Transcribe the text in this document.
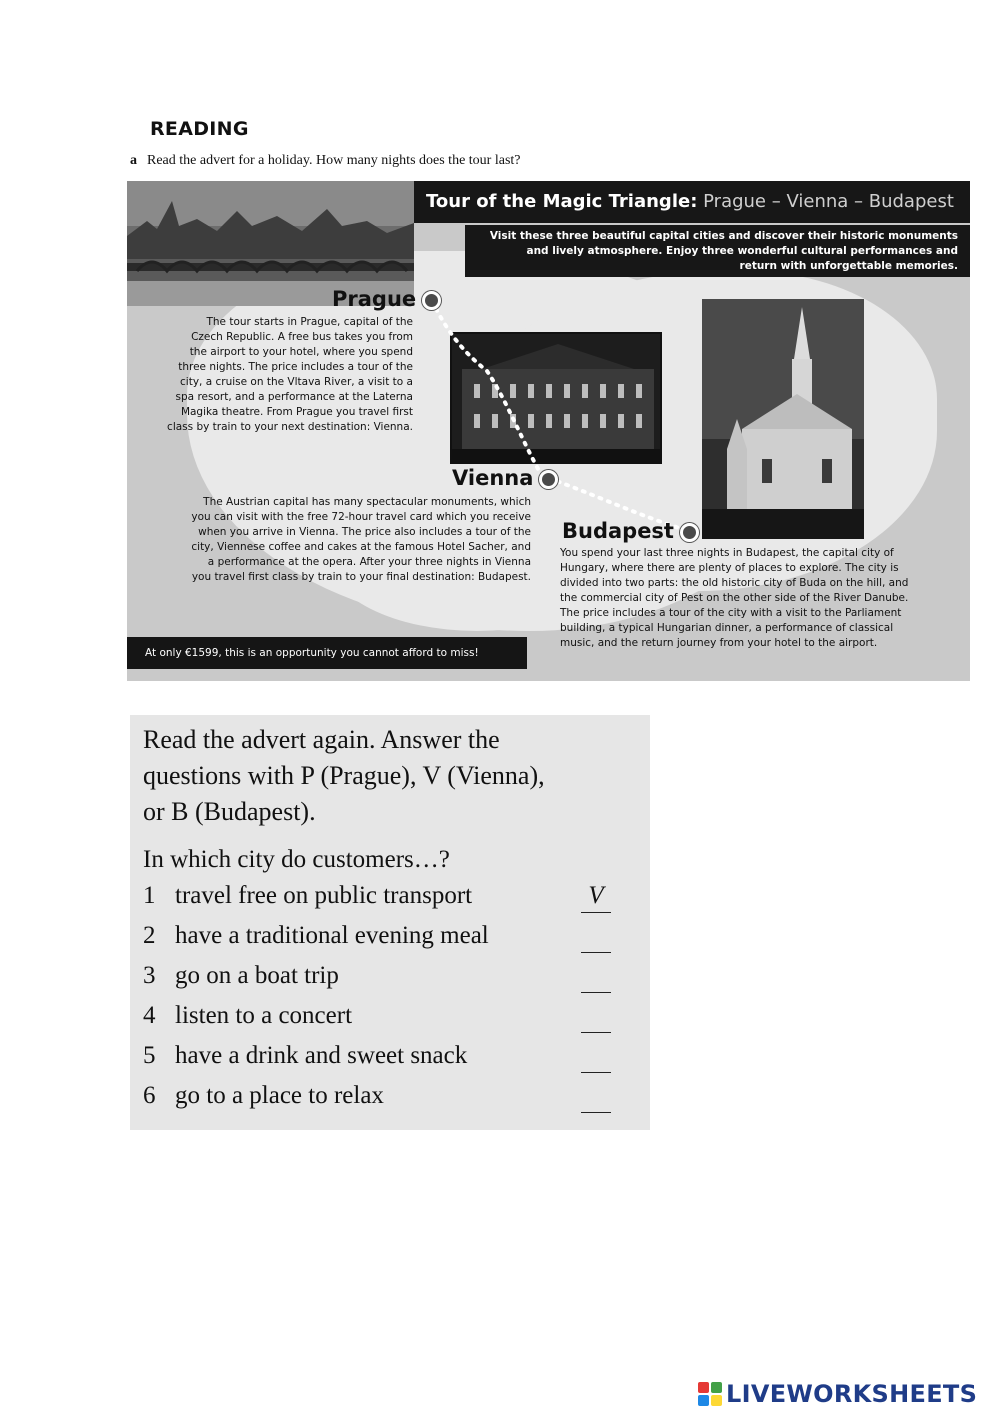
READING
a Read the advert for a holiday. How many nights does the tour last?
Tour of the Magic Triangle: Prague – Vienna – Budapest
Visit these three beautiful capital cities and discover their historic monuments
and lively atmosphere. Enjoy three wonderful cultural performances and
return with unforgettable memories.
Prague
The tour starts in Prague, capital of the
Czech Republic. A free bus takes you from
the airport to your hotel, where you spend
three nights. The price includes a tour of the
city, a cruise on the Vltava River, a visit to a
spa resort, and a performance at the Laterna
Magika theatre. From Prague you travel first
class by train to your next destination: Vienna.
Vienna
The Austrian capital has many spectacular monuments, which
you can visit with the free 72-hour travel card which you receive
when you arrive in Vienna. The price also includes a tour of the
city, Viennese coffee and cakes at the famous Hotel Sacher, and
a performance at the opera. After your three nights in Vienna
you travel first class by train to your final destination: Budapest.
Budapest
You spend your last three nights in Budapest, the capital city of
Hungary, where there are plenty of places to explore. The city is
divided into two parts: the old historic city of Buda on the hill, and
the commercial city of Pest on the other side of the River Danube.
The price includes a tour of the city with a visit to the Parliament
building, a typical Hungarian dinner, a performance of classical
music, and the return journey from your hotel to the airport.
At only €1599, this is an opportunity you cannot afford to miss!
Read the advert again. Answer the
questions with P (Prague), V (Vienna),
or B (Budapest).
In which city do customers…?
1 travel free on public transport	V
2 have a traditional evening meal
3 go on a boat trip
4 listen to a concert
5 have a drink and sweet snack
6 go to a place to relax
LIVEWORKSHEETS
